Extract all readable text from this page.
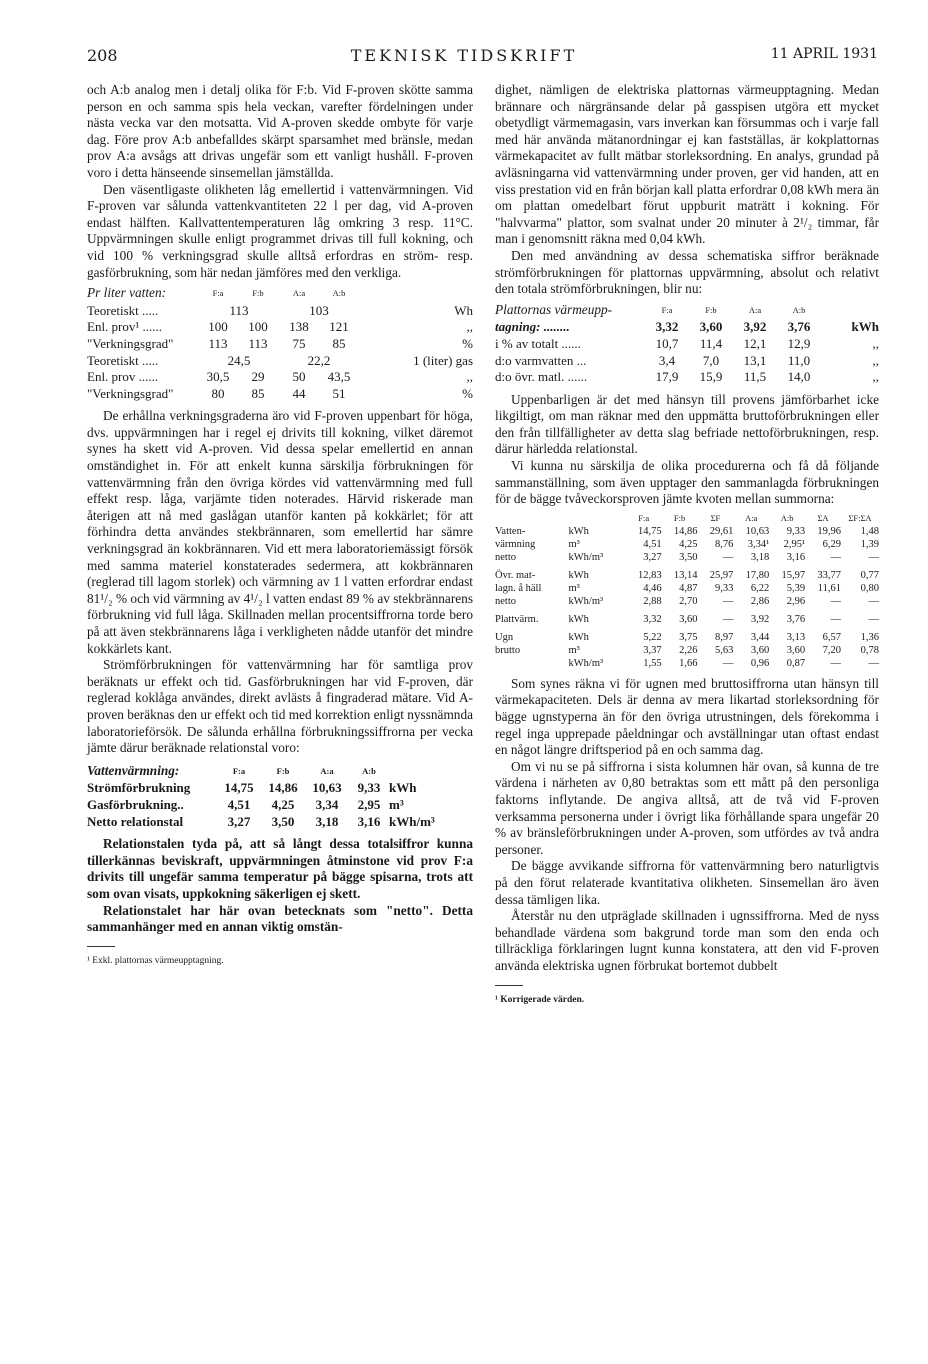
208	TEKNISK TIDSKRIFT	11 APRIL 1931

och A:b analog men i detalj olika för F:b. Vid F-proven skötte samma person en och samma spis hela veckan, varefter fördelningen under nästa vecka var den motsatta. Vid A-proven skedde ombyte för varje dag. Före prov A:b anbefalldes skärpt sparsamhet med bränsle, medan prov A:a avsågs att drivas ungefär som ett vanligt hushåll. F-proven voro i detta hänseende sinsemellan jämställda.

Den väsentligaste olikheten låg emellertid i vattenvärmningen. Vid F-proven var sålunda vattenkvantiteten 22 l per dag, vid A-proven endast hälften. Kallvattentemperaturen låg omkring 3 resp. 11°C. Uppvärmningen skulle enligt programmet drivas till full kokning, och vid 100 % verkningsgrad skulle alltså erfordras en ström- resp. gasförbrukning, som här nedan jämföres med den verkliga.

Pr liter vatten:	F:a	F:b	A:a	A:b	
Teoretiskt .....	113		103		Wh
Enl. prov¹ ......	100	100	138	121	,,
"Verkningsgrad"	113	113	75	85	%
Teoretiskt .....	24,5		22,2		1 (liter) gas
Enl. prov ......	30,5	29	50	43,5	,,
"Verkningsgrad"	80	85	44	51	%

De erhållna verkningsgraderna äro vid F-proven uppenbart för höga, dvs. uppvärmningen har i regel ej drivits till kokning, vilket däremot synes ha skett vid A-proven. Vid dessa spelar emellertid en annan omständighet in. För att enkelt kunna särskilja förbrukningen för vattenvärmning från den övriga kördes vid vattenvärmning med full effekt resp. låga, varjämte tiden noterades. Härvid riskerade man återigen att nå med gaslågan utanför kanten på kokkärlet; för att förhindra detta användes stekbrännaren, som emellertid har sämre verkningsgrad än kokbrännaren. Vid ett mera laboratoriemässigt försök med samma materiel konstaterades sedermera, att kokbrännaren (reglerad till lagom storlek) och värmning av 1 l vatten erfordrar endast 81¹/₂ % och vid värmning av 4¹/₂ l vatten endast 89 % av stekbrännarens förbrukning vid full låga. Skillnaden mellan procentsiffrorna torde bero på att även stekbrännarens låga i verkligheten nådde utanför det mindre kokkärlets kant.

Strömförbrukningen för vattenvärmning har för samtliga prov beräknats ur effekt och tid. Gasförbrukningen har vid F-proven, där reglerad koklåga användes, direkt avlästs å fingraderad mätare. Vid A-proven beräknas den ur effekt och tid med korrektion enligt nyssnämnda laboratorieförsök. De sålunda erhållna förbrukningssiffrorna per vecka jämte därur beräknade relationstal voro:

Vattenvärmning:	F:a	F:b	A:a	A:b	
Strömförbrukning	14,75	14,86	10,63	9,33	kWh
Gasförbrukning..	4,51	4,25	3,34	2,95	m³
Netto relationstal	3,27	3,50	3,18	3,16	kWh/m³

Relationstalen tyda på, att så långt dessa totalsiffror kunna tillerkännas beviskraft, uppvärmningen åtminstone vid prov F:a drivits till ungefär samma temperatur på bägge spisarna, trots att som ovan visats, uppkokning säkerligen ej skett.

Relationstalet har här ovan betecknats som "netto". Detta sammanhänger med en annan viktig omstän-

¹ Exkl. plattornas värmeupptagning.

dighet, nämligen de elektriska plattornas värmeupptagning. Medan brännare och närgränsande delar på gasspisen utgöra ett mycket obetydligt värmemagasin, vars inverkan kan försummas och i varje fall med här använda mätanordningar ej kan fastställas, är kokplattornas värmekapacitet av fullt mätbar storleksordning. En analys, grundad på avläsningarna vid vattenvärmning under proven, ger vid handen, att en viss prestation vid en från början kall platta erfordrar 0,08 kWh mera än om plattan omedelbart förut uppburit maträtt i kokning. För "halvvarma" plattor, som svalnat under 20 minuter à 2¹/₂ timmar, får man i genomsnitt räkna med 0,04 kWh.

Den med användning av dessa schematiska siffror beräknade strömförbrukningen för plattornas uppvärmning, absolut och relativt den totala strömförbrukningen, blir nu:

Plattornas värmeupp-	F:a	F:b	A:a	A:b	
tagning: ........	3,32	3,60	3,92	3,76	kWh
i % av totalt ......	10,7	11,4	12,1	12,9	,,
d:o varmvatten ...	3,4	7,0	13,1	11,0	,,
d:o övr. matl. ......	17,9	15,9	11,5	14,0	,,

Uppenbarligen är det med hänsyn till provens jämförbarhet icke likgiltigt, om man räknar med den uppmätta bruttoförbrukningen eller den från tillfälligheter av detta slag befriade nettoförbrukningen, resp. därur härledda relationstal.

Vi kunna nu särskilja de olika procedurerna och få då följande sammanställning, som även upptager den sammanlagda förbrukningen för de bägge tvåveckorsproven jämte kvoten mellan summorna:

		F:a	F:b	ΣF	A:a	A:b	ΣA	ΣF:ΣA
Vatten-	kWh	14,75	14,86	29,61	10,63	9,33	19,96	1,48
värmning	m³	4,51	4,25	8,76	3,34¹	2,95¹	6,29	1,39
netto	kWh/m³	3,27	3,50	—	3,18	3,16	—	—
Övr. mat-	kWh	12,83	13,14	25,97	17,80	15,97	33,77	0,77
lagn. å häll	m³	4,46	4,87	9,33	6,22	5,39	11,61	0,80
netto	kWh/m³	2,88	2,70	—	2,86	2,96	—	—
Plattvärm.	kWh	3,32	3,60	—	3,92	3,76	—	—
Ugn	kWh	5,22	3,75	8,97	3,44	3,13	6,57	1,36
brutto	m³	3,37	2,26	5,63	3,60	3,60	7,20	0,78
	kWh/m³	1,55	1,66	—	0,96	0,87	—	—

Som synes räkna vi för ugnen med bruttosiffrorna utan hänsyn till värmekapaciteten. Dels är denna av mera likartad storleksordning för bägge ugnstyperna än för den övriga utrustningen, dels förekomma i regel inga upprepade påeldningar och avställningar utan oftast endast en något längre driftsperiod på en och samma dag.

Om vi nu se på siffrorna i sista kolumnen här ovan, så kunna de tre värdena i närheten av 0,80 betraktas som ett mått på den personliga faktorns inflytande. De angiva alltså, att de två vid F-proven verksamma personerna under i övrigt lika förhållande spara ungefär 20 % av bränsleförbrukningen under A-proven, som utfördes av två andra personer.

De bägge avvikande siffrorna för vattenvärmning bero naturligtvis på den förut relaterade kvantitativa olikheten. Sinsemellan äro även dessa tämligen lika.

Återstår nu den utpräglade skillnaden i ugnssiffrorna. Med de nyss behandlade värdena som bakgrund torde man som den enda och tillräckliga förklaringen lugnt kunna konstatera, att den vid F-proven använda elektriska ugnen förbrukat bortemot dubbelt

¹ Korrigerade värden.
